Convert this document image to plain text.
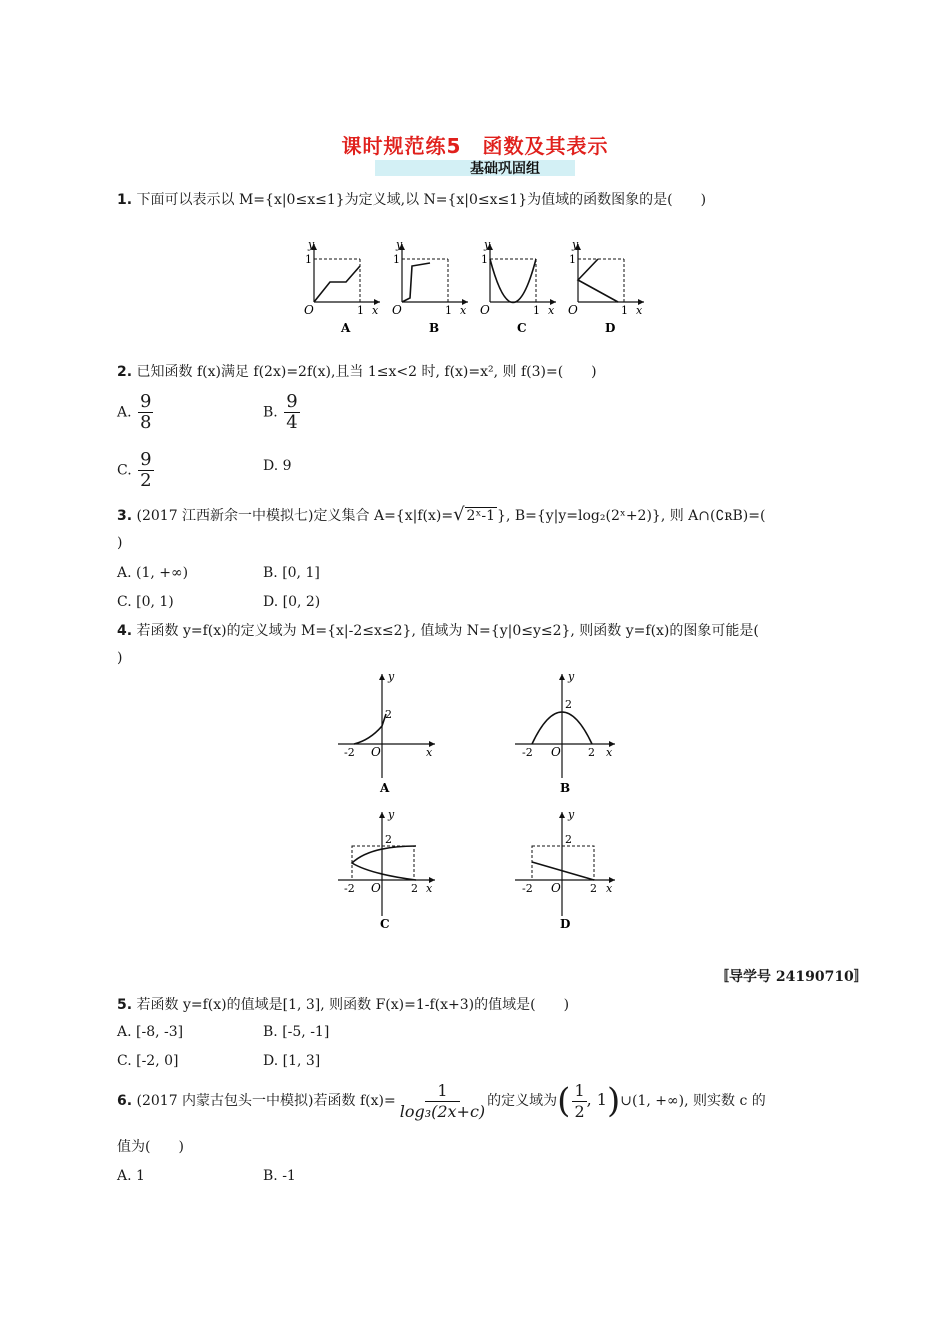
课时规范练5　函数及其表示
基础巩固组
1. 下面可以表示以 M={x|0≤x≤1}为定义域,以 N={x|0≤x≤1}为值域的函数图象的是(　　)
y
1
O	1 x
A
y
1
O	1 x
B
y
1
O	1 x
C
y
1
O	1 x
D
2. 已知函数 f(x)满足 f(2x)=2f(x),且当 1≤x<2 时, f(x)=x², 则 f(3)=(　　)
A. $\frac{9}{8}$	B. $\frac{9}{4}$
C. $\frac{9}{2}$	D. 9
3. (2017 江西新余一中模拟七)定义集合 A={x|f(x)=√ 2ˣ-1 }, B={y|y=log₂(2ˣ+2)}, 则 A∩(∁ʀB)=(
)
A. (1, +∞)	B. [0, 1]
C. [0, 1)	D. [0, 2)
4. 若函数 y=f(x)的定义域为 M={x|-2≤x≤2}, 值域为 N={y|0≤y≤2}, 则函数 y=f(x)的图象可能是(
)
y
2
-2 O	x
A
y
2
-2 O 2 x
B
y
2
-2 O	2 x
C
y
2
-2 O	2 x
D
〚导学号 24190710〛
5. 若函数 y=f(x)的值域是[1, 3], 则函数 F(x)=1-f(x+3)的值域是(　　)
A. [-8, -3]	B. [-5, -1]
C. [-2, 0]	D. [1, 3]
6. (2017 内蒙古包头一中模拟)若函数 $f(x)= \frac{1}{\text{log₃(2x+c)}}$ 的定义域为( $\frac{1}{2}$ , 1)∪(1, +∞), 则实数 c 的
值为(　　)
A. 1	B. -1
